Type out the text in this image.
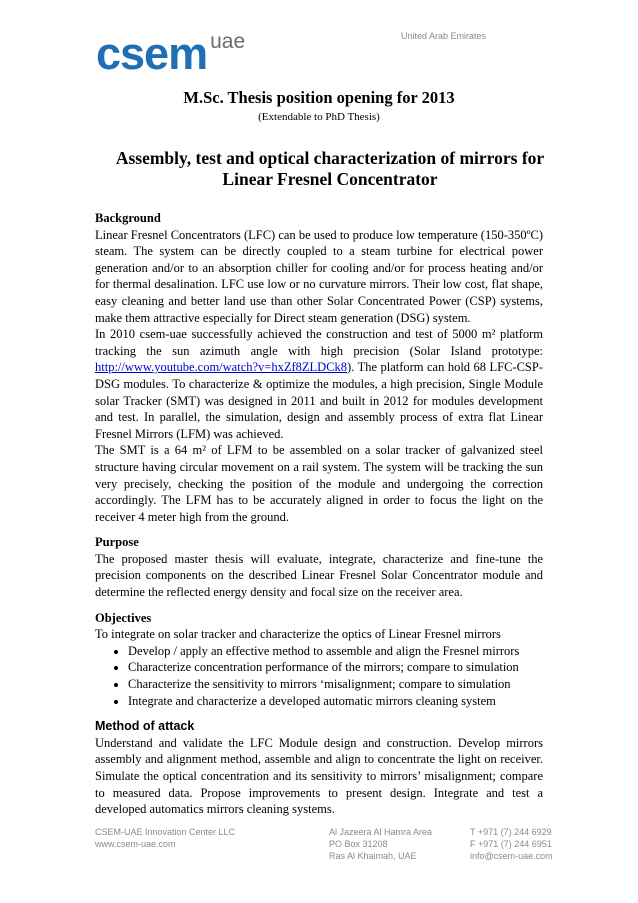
United Arab Emirates
csem uae
M.Sc. Thesis position opening for 2013
(Extendable to PhD Thesis)
Assembly, test and optical characterization of mirrors for
Linear Fresnel Concentrator
Background

Linear Fresnel Concentrators (LFC) can be used to produce low temperature (150-350ºC) steam. The system can be directly coupled to a steam turbine for electrical power generation and/or to an absorption chiller for cooling and/or for process heating and/or for thermal desalination. LFC use low or no curvature mirrors. Their low cost, flat shape, easy cleaning and better land use than other Solar Concentrated Power (CSP) systems, make them attractive especially for Direct steam generation (DSG) system.

In 2010 csem-uae successfully achieved the construction and test of 5000 m² platform tracking the sun azimuth angle with high precision (Solar Island prototype: http://www.youtube.com/watch?v=hxZf8ZLDCk8). The platform can hold 68 LFC-CSP-DSG modules. To characterize & optimize the modules, a high precision, Single Module solar Tracker (SMT) was designed in 2011 and built in 2012 for modules development and test. In parallel, the simulation, design and assembly process of extra flat Linear Fresnel Mirrors (LFM) was achieved.

The SMT is a 64 m² of LFM to be assembled on a solar tracker of galvanized steel structure having circular movement on a rail system. The system will be tracking the sun very precisely, checking the position of the module and undergoing the correction accordingly. The LFM has to be accurately aligned in order to focus the light on the receiver 4 meter high from the ground.

Purpose

The proposed master thesis will evaluate, integrate, characterize and fine-tune the precision components on the described Linear Fresnel Solar Concentrator module and determine the reflected energy density and focal size on the receiver area.

Objectives

To integrate on solar tracker and characterize the optics of Linear Fresnel mirrors

• Develop / apply an effective method to assemble and align the Fresnel mirrors
• Characterize concentration performance of the mirrors; compare to simulation
• Characterize the sensitivity to mirrors ‘misalignment; compare to simulation
• Integrate and characterize a developed automatic mirrors cleaning system
Method of attack

Understand and validate the LFC Module design and construction. Develop mirrors assembly and alignment method, assemble and align to concentrate the light on receiver. Simulate the optical concentration and its sensitivity to mirrors’ misalignment; compare to measured data. Propose improvements to present design. Integrate and test a developed automatics mirrors cleaning systems.

CSEM-UAE Innovation Center LLC
www.csem-uae.com
Al Jazeera Al Hamra Area
PO Box 31208
Ras Al Khaimah, UAE
T +971 (7) 244 6929
F +971 (7) 244 6951
info@csem-uae.com
